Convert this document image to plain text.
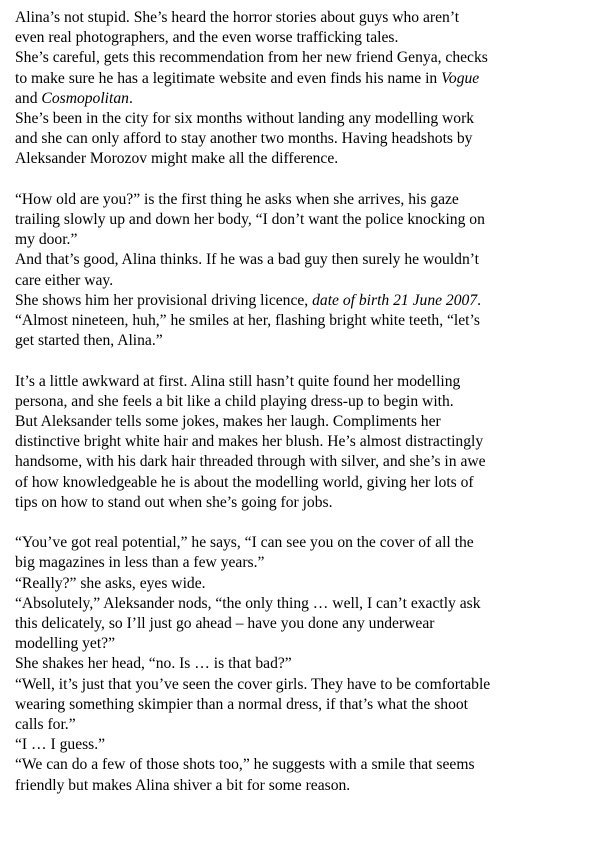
Alina’s not stupid. She’s heard the horror stories about guys who aren’t
even real photographers, and the even worse trafficking tales.
She’s careful, gets this recommendation from her new friend Genya, checks
to make sure he has a legitimate website and even finds his name in Vogue
and Cosmopolitan.
She’s been in the city for six months without landing any modelling work
and she can only afford to stay another two months. Having headshots by
Aleksander Morozov might make all the difference.
“How old are you?” is the first thing he asks when she arrives, his gaze
trailing slowly up and down her body, “I don’t want the police knocking on
my door.”
And that’s good, Alina thinks. If he was a bad guy then surely he wouldn’t
care either way.
She shows him her provisional driving licence, date of birth 21 June 2007.
“Almost nineteen, huh,” he smiles at her, flashing bright white teeth, “let’s
get started then, Alina.”
It’s a little awkward at first. Alina still hasn’t quite found her modelling
persona, and she feels a bit like a child playing dress-up to begin with.
But Aleksander tells some jokes, makes her laugh. Compliments her
distinctive bright white hair and makes her blush. He’s almost distractingly
handsome, with his dark hair threaded through with silver, and she’s in awe
of how knowledgeable he is about the modelling world, giving her lots of
tips on how to stand out when she’s going for jobs.
“You’ve got real potential,” he says, “I can see you on the cover of all the
big magazines in less than a few years.”
“Really?” she asks, eyes wide.
“Absolutely,” Aleksander nods, “the only thing … well, I can’t exactly ask
this delicately, so I’ll just go ahead – have you done any underwear
modelling yet?”
She shakes her head, “no. Is … is that bad?”
“Well, it’s just that you’ve seen the cover girls. They have to be comfortable
wearing something skimpier than a normal dress, if that’s what the shoot
calls for.”
“I … I guess.”
“We can do a few of those shots too,” he suggests with a smile that seems
friendly but makes Alina shiver a bit for some reason.
